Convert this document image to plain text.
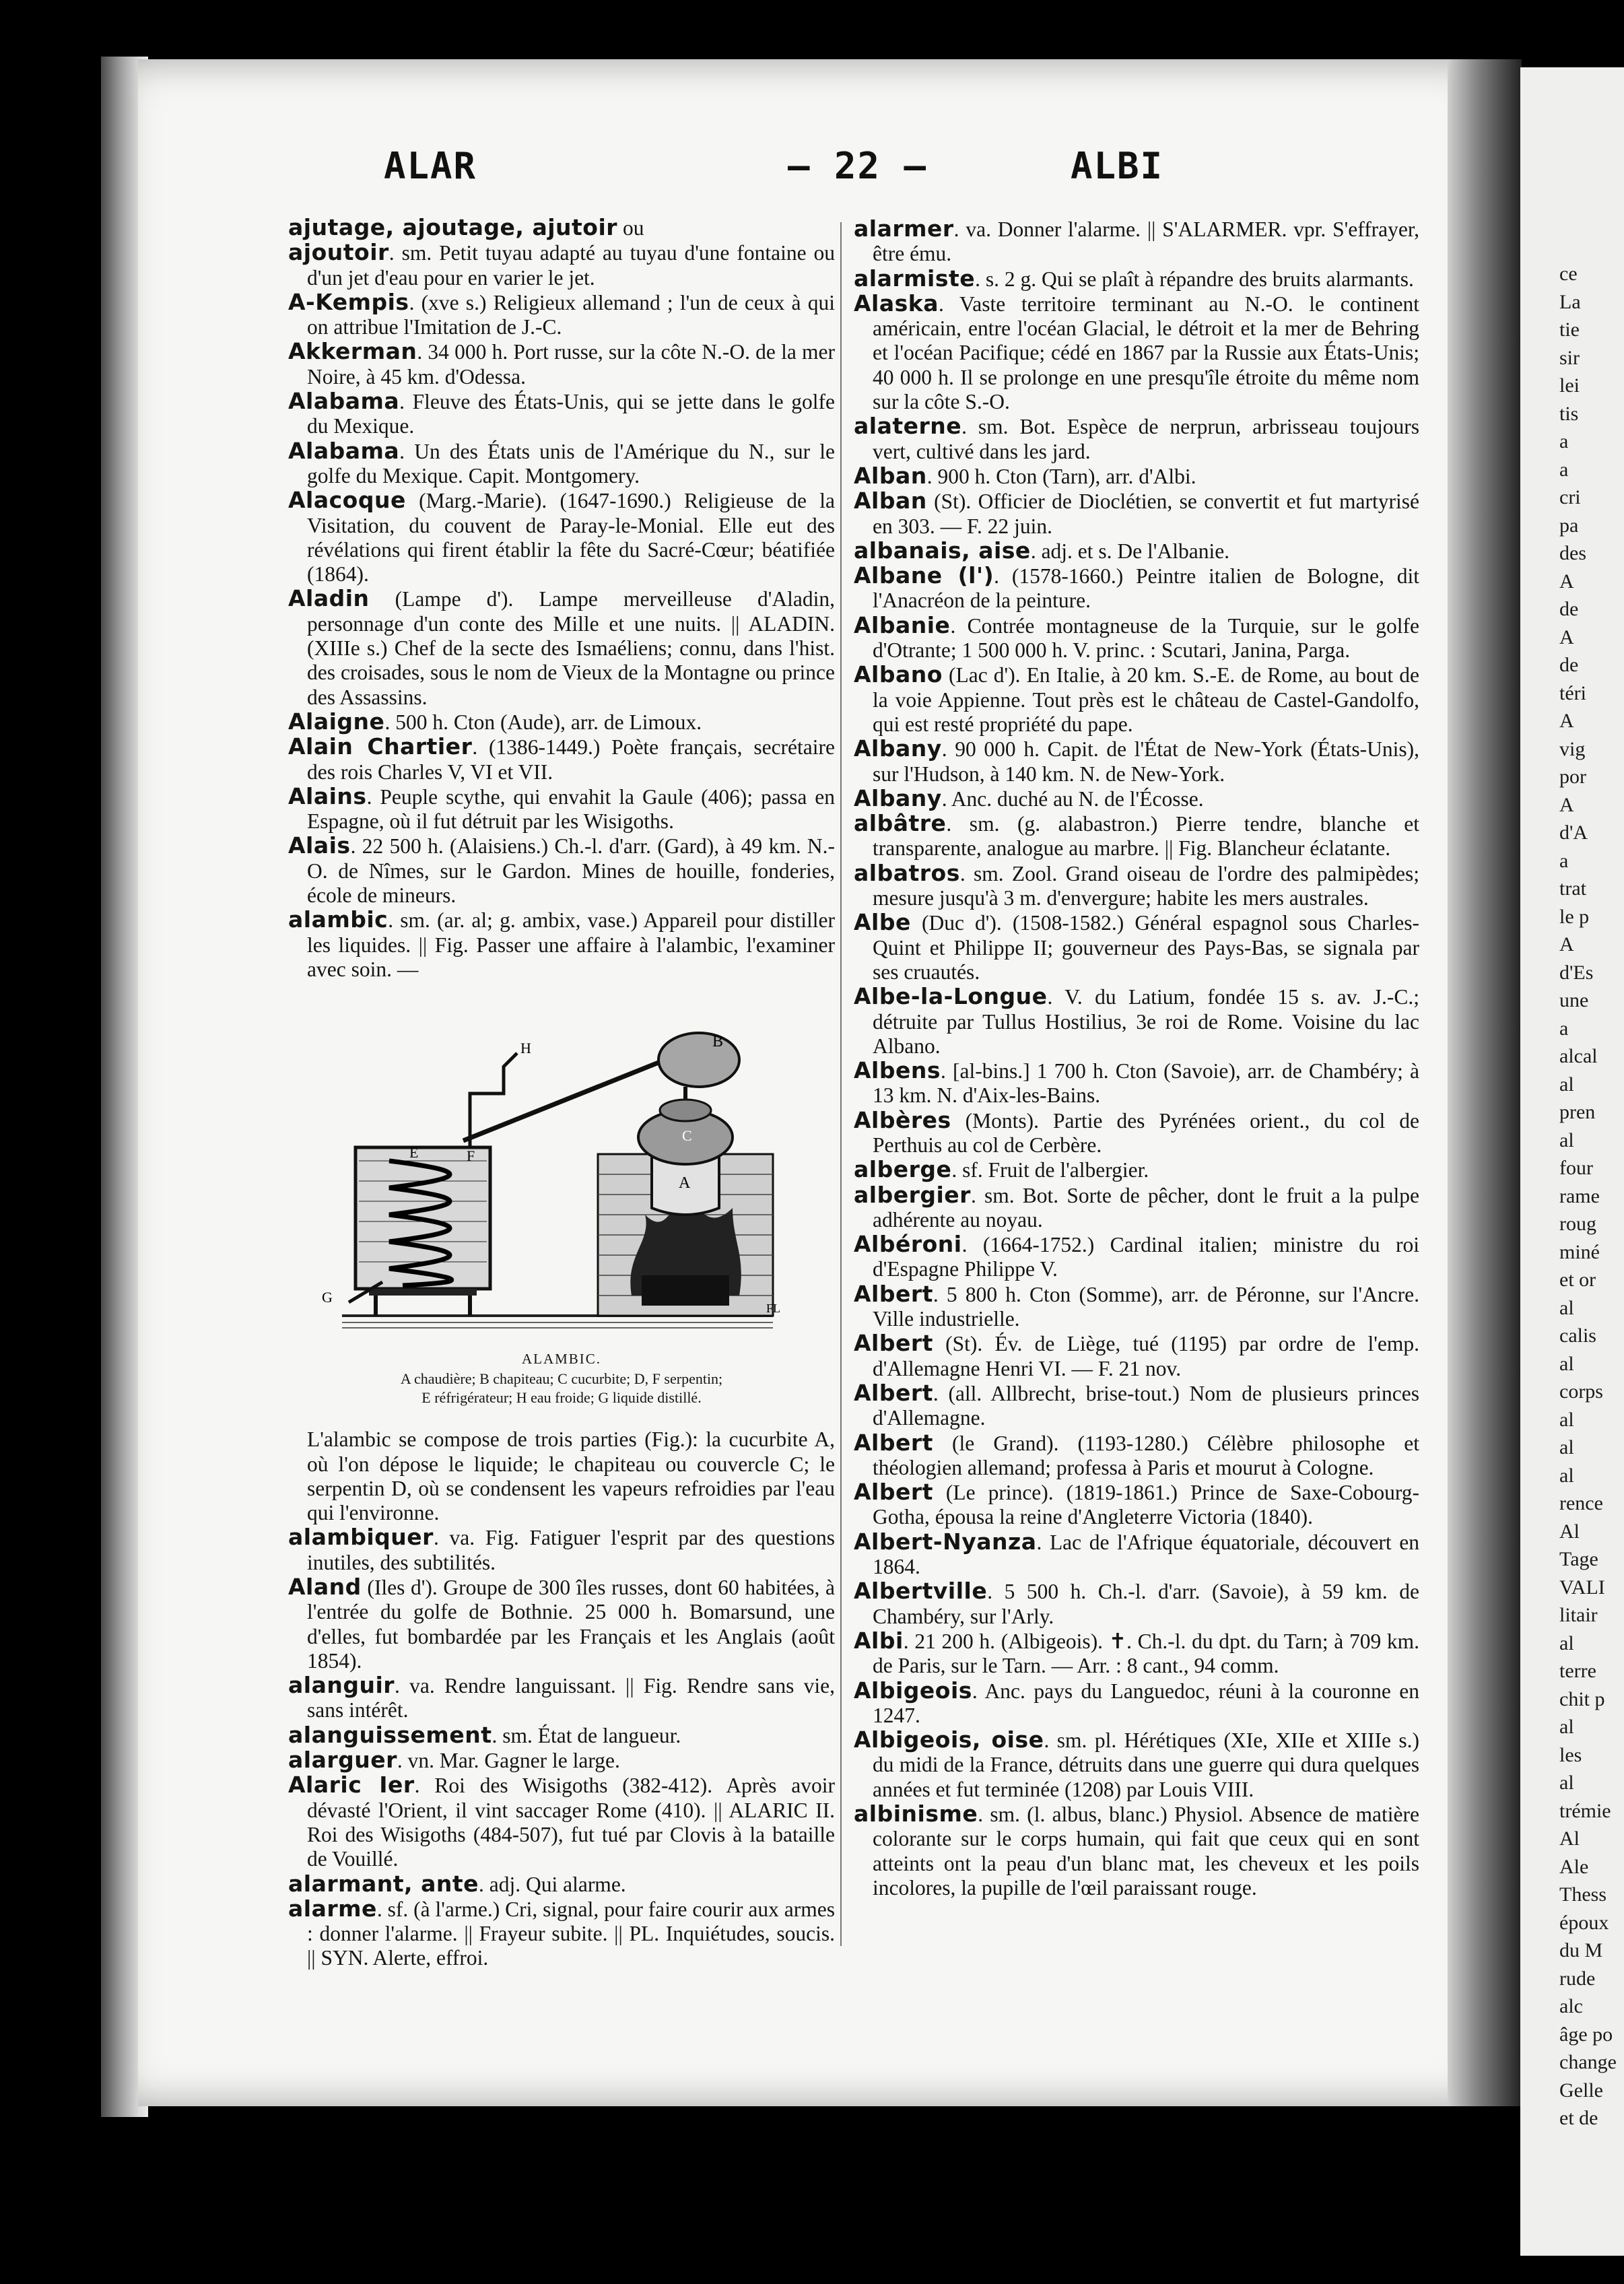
ce
La
tie
sir
lei
tis
a
a
cri
pa
des
A
de
A
de
téri
A
vig
por
A
d'A
a
trat
le p
A
d'Es
une
a
alcal
al
pren
al
four
rame
roug
miné
et or
al
calis
al
corps
al
al
al
rence
Al
Tage
VALI
litair
al
terre
chit p
al
les
al
trémie
Al
Ale
Thess
époux
du M
rude
alc
âge po
change
Gelle
et de
ALAR	— 22 —	ALBI
ajutage, ajoutage, ajutoir ou
ajoutoir. sm. Petit tuyau adapté au tuyau d'une fontaine ou d'un jet d'eau pour en varier le jet.
A-Kempis. (xve s.) Religieux allemand ; l'un de ceux à qui on attribue l'Imitation de J.-C.
Akkerman. 34 000 h. Port russe, sur la côte N.-O. de la mer Noire, à 45 km. d'Odessa.
Alabama. Fleuve des États-Unis, qui se jette dans le golfe du Mexique.
Alabama. Un des États unis de l'Amérique du N., sur le golfe du Mexique. Capit. Montgomery.
Alacoque (Marg.-Marie). (1647-1690.) Religieuse de la Visitation, du couvent de Paray-le-Monial. Elle eut des révélations qui firent établir la fête du Sacré-Cœur; béatifiée (1864).
Aladin (Lampe d'). Lampe merveilleuse d'Aladin, personnage d'un conte des Mille et une nuits. || ALADIN. (XIIIe s.) Chef de la secte des Ismaéliens; connu, dans l'hist. des croisades, sous le nom de Vieux de la Montagne ou prince des Assassins.
Alaigne. 500 h. Cton (Aude), arr. de Limoux.
Alain Chartier. (1386-1449.) Poète français, secrétaire des rois Charles V, VI et VII.
Alains. Peuple scythe, qui envahit la Gaule (406); passa en Espagne, où il fut détruit par les Wisigoths.
Alais. 22 500 h. (Alaisiens.) Ch.-l. d'arr. (Gard), à 49 km. N.-O. de Nîmes, sur le Gardon. Mines de houille, fonderies, école de mineurs.
alambic. sm. (ar. al; g. ambix, vase.) Appareil pour distiller les liquides. || Fig. Passer une affaire à l'alambic, l'examiner avec soin. —
G
H
E	F
A
C
B
FL
ALAMBIC.
A chaudière; B chapiteau; C cucurbite; D, F serpentin;
E réfrigérateur; H eau froide; G liquide distillé.
L'alambic se compose de trois parties (Fig.): la cucurbite A, où l'on dépose le liquide; le chapiteau ou couvercle C; le serpentin D, où se condensent les vapeurs refroidies par l'eau qui l'environne.
alambiquer. va. Fig. Fatiguer l'esprit par des questions inutiles, des subtilités.
Aland (Iles d'). Groupe de 300 îles russes, dont 60 habitées, à l'entrée du golfe de Bothnie. 25 000 h. Bomarsund, une d'elles, fut bombardée par les Français et les Anglais (août 1854).
alanguir. va. Rendre languissant. || Fig. Rendre sans vie, sans intérêt.
alanguissement. sm. État de langueur.
alarguer. vn. Mar. Gagner le large.
Alaric Ier. Roi des Wisigoths (382-412). Après avoir dévasté l'Orient, il vint saccager Rome (410). || ALARIC II. Roi des Wisigoths (484-507), fut tué par Clovis à la bataille de Vouillé.
alarmant, ante. adj. Qui alarme.
alarme. sf. (à l'arme.) Cri, signal, pour faire courir aux armes : donner l'alarme. || Frayeur subite. || PL. Inquiétudes, soucis. || SYN. Alerte, effroi.
alarmer. va. Donner l'alarme. || S'ALARMER. vpr. S'effrayer, être ému.
alarmiste. s. 2 g. Qui se plaît à répandre des bruits alarmants.
Alaska. Vaste territoire terminant au N.-O. le continent américain, entre l'océan Glacial, le détroit et la mer de Behring et l'océan Pacifique; cédé en 1867 par la Russie aux États-Unis; 40 000 h. Il se prolonge en une presqu'île étroite du même nom sur la côte S.-O.
alaterne. sm. Bot. Espèce de nerprun, arbrisseau toujours vert, cultivé dans les jard.
Alban. 900 h. Cton (Tarn), arr. d'Albi.
Alban (St). Officier de Dioclétien, se convertit et fut martyrisé en 303. — F. 22 juin.
albanais, aise. adj. et s. De l'Albanie.
Albane (l'). (1578-1660.) Peintre italien de Bologne, dit l'Anacréon de la peinture.
Albanie. Contrée montagneuse de la Turquie, sur le golfe d'Otrante; 1 500 000 h. V. princ. : Scutari, Janina, Parga.
Albano (Lac d'). En Italie, à 20 km. S.-E. de Rome, au bout de la voie Appienne. Tout près est le château de Castel-Gandolfo, qui est resté propriété du pape.
Albany. 90 000 h. Capit. de l'État de New-York (États-Unis), sur l'Hudson, à 140 km. N. de New-York.
Albany. Anc. duché au N. de l'Écosse.
albâtre. sm. (g. alabastron.) Pierre tendre, blanche et transparente, analogue au marbre. || Fig. Blancheur éclatante.
albatros. sm. Zool. Grand oiseau de l'ordre des palmipèdes; mesure jusqu'à 3 m. d'envergure; habite les mers australes.
Albe (Duc d'). (1508-1582.) Général espagnol sous Charles-Quint et Philippe II; gouverneur des Pays-Bas, se signala par ses cruautés.
Albe-la-Longue. V. du Latium, fondée 15 s. av. J.-C.; détruite par Tullus Hostilius, 3e roi de Rome. Voisine du lac Albano.
Albens. [al-bins.] 1 700 h. Cton (Savoie), arr. de Chambéry; à 13 km. N. d'Aix-les-Bains.
Albères (Monts). Partie des Pyrénées orient., du col de Perthuis au col de Cerbère.
alberge. sf. Fruit de l'albergier.
albergier. sm. Bot. Sorte de pêcher, dont le fruit a la pulpe adhérente au noyau.
Albéroni. (1664-1752.) Cardinal italien; ministre du roi d'Espagne Philippe V.
Albert. 5 800 h. Cton (Somme), arr. de Péronne, sur l'Ancre. Ville industrielle.
Albert (St). Év. de Liège, tué (1195) par ordre de l'emp. d'Allemagne Henri VI. — F. 21 nov.
Albert. (all. Allbrecht, brise-tout.) Nom de plusieurs princes d'Allemagne.
Albert (le Grand). (1193-1280.) Célèbre philosophe et théologien allemand; professa à Paris et mourut à Cologne.
Albert (Le prince). (1819-1861.) Prince de Saxe-Cobourg-Gotha, épousa la reine d'Angleterre Victoria (1840).
Albert-Nyanza. Lac de l'Afrique équatoriale, découvert en 1864.
Albertville. 5 500 h. Ch.-l. d'arr. (Savoie), à 59 km. de Chambéry, sur l'Arly.
Albi. 21 200 h. (Albigeois). ✝. Ch.-l. du dpt. du Tarn; à 709 km. de Paris, sur le Tarn. — Arr. : 8 cant., 94 comm.
Albigeois. Anc. pays du Languedoc, réuni à la couronne en 1247.
Albigeois, oise. sm. pl. Hérétiques (XIe, XIIe et XIIIe s.) du midi de la France, détruits dans une guerre qui dura quelques années et fut terminée (1208) par Louis VIII.
albinisme. sm. (l. albus, blanc.) Physiol. Absence de matière colorante sur le corps humain, qui fait que ceux qui en sont atteints ont la peau d'un blanc mat, les cheveux et les poils incolores, la pupille de l'œil paraissant rouge.
